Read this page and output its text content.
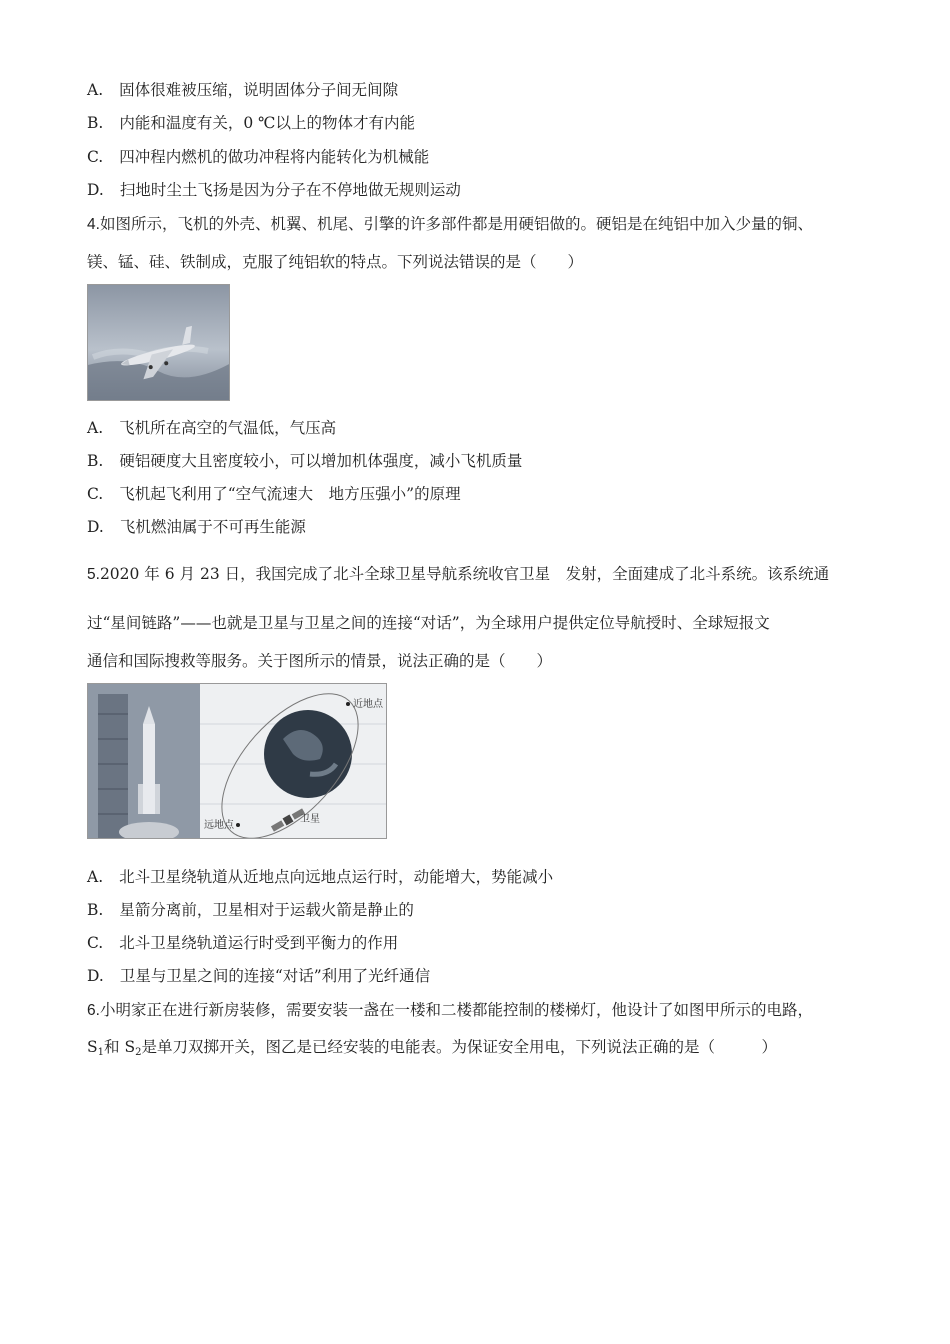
A. 固体很难被压缩，说明固体分子间无间隙
B. 内能和温度有关，0 ℃以上的物体才有内能
C. 四冲程内燃机的做功冲程将内能转化为机械能
D. 扫地时尘土飞扬是因为分子在不停地做无规则运动
4.如图所示，飞机的外壳、机翼、机尾、引擎的许多部件都是用硬铝做的。硬铝是在纯铝中加入少量的铜、
镁、锰、硅、铁制成，克服了纯铝软的特点。下列说法错误的是（　　）
A. 飞机所在高空的气温低，气压高
B. 硬铝硬度大且密度较小，可以增加机体强度，减小飞机质量
C. 飞机起飞利用了“空气流速大　地方压强小”的原理
D. 飞机燃油属于不可再生能源
5.2020 年 6 月 23 日，我国完成了北斗全球卫星导航系统收官卫星　发射，全面建成了北斗系统。该系统通
过“星间链路”——也就是卫星与卫星之间的连接“对话”，为全球用户提供定位导航授时、全球短报文
通信和国际搜救等服务。关于图所示的情景，说法正确的是（　　）
近地点
远地点
卫星
A. 北斗卫星绕轨道从近地点向远地点运行时，动能增大，势能减小
B. 星箭分离前，卫星相对于运载火箭是静止的
C. 北斗卫星绕轨道运行时受到平衡力的作用
D. 卫星与卫星之间的连接“对话”利用了光纤通信
6.小明家正在进行新房装修，需要安装一盏在一楼和二楼都能控制的楼梯灯，他设计了如图甲所示的电路，
$S_1$和 $S_2$是单刀双掷开关，图乙是已经安装的电能表。为保证安全用电，下列说法正确的是（　　　）
